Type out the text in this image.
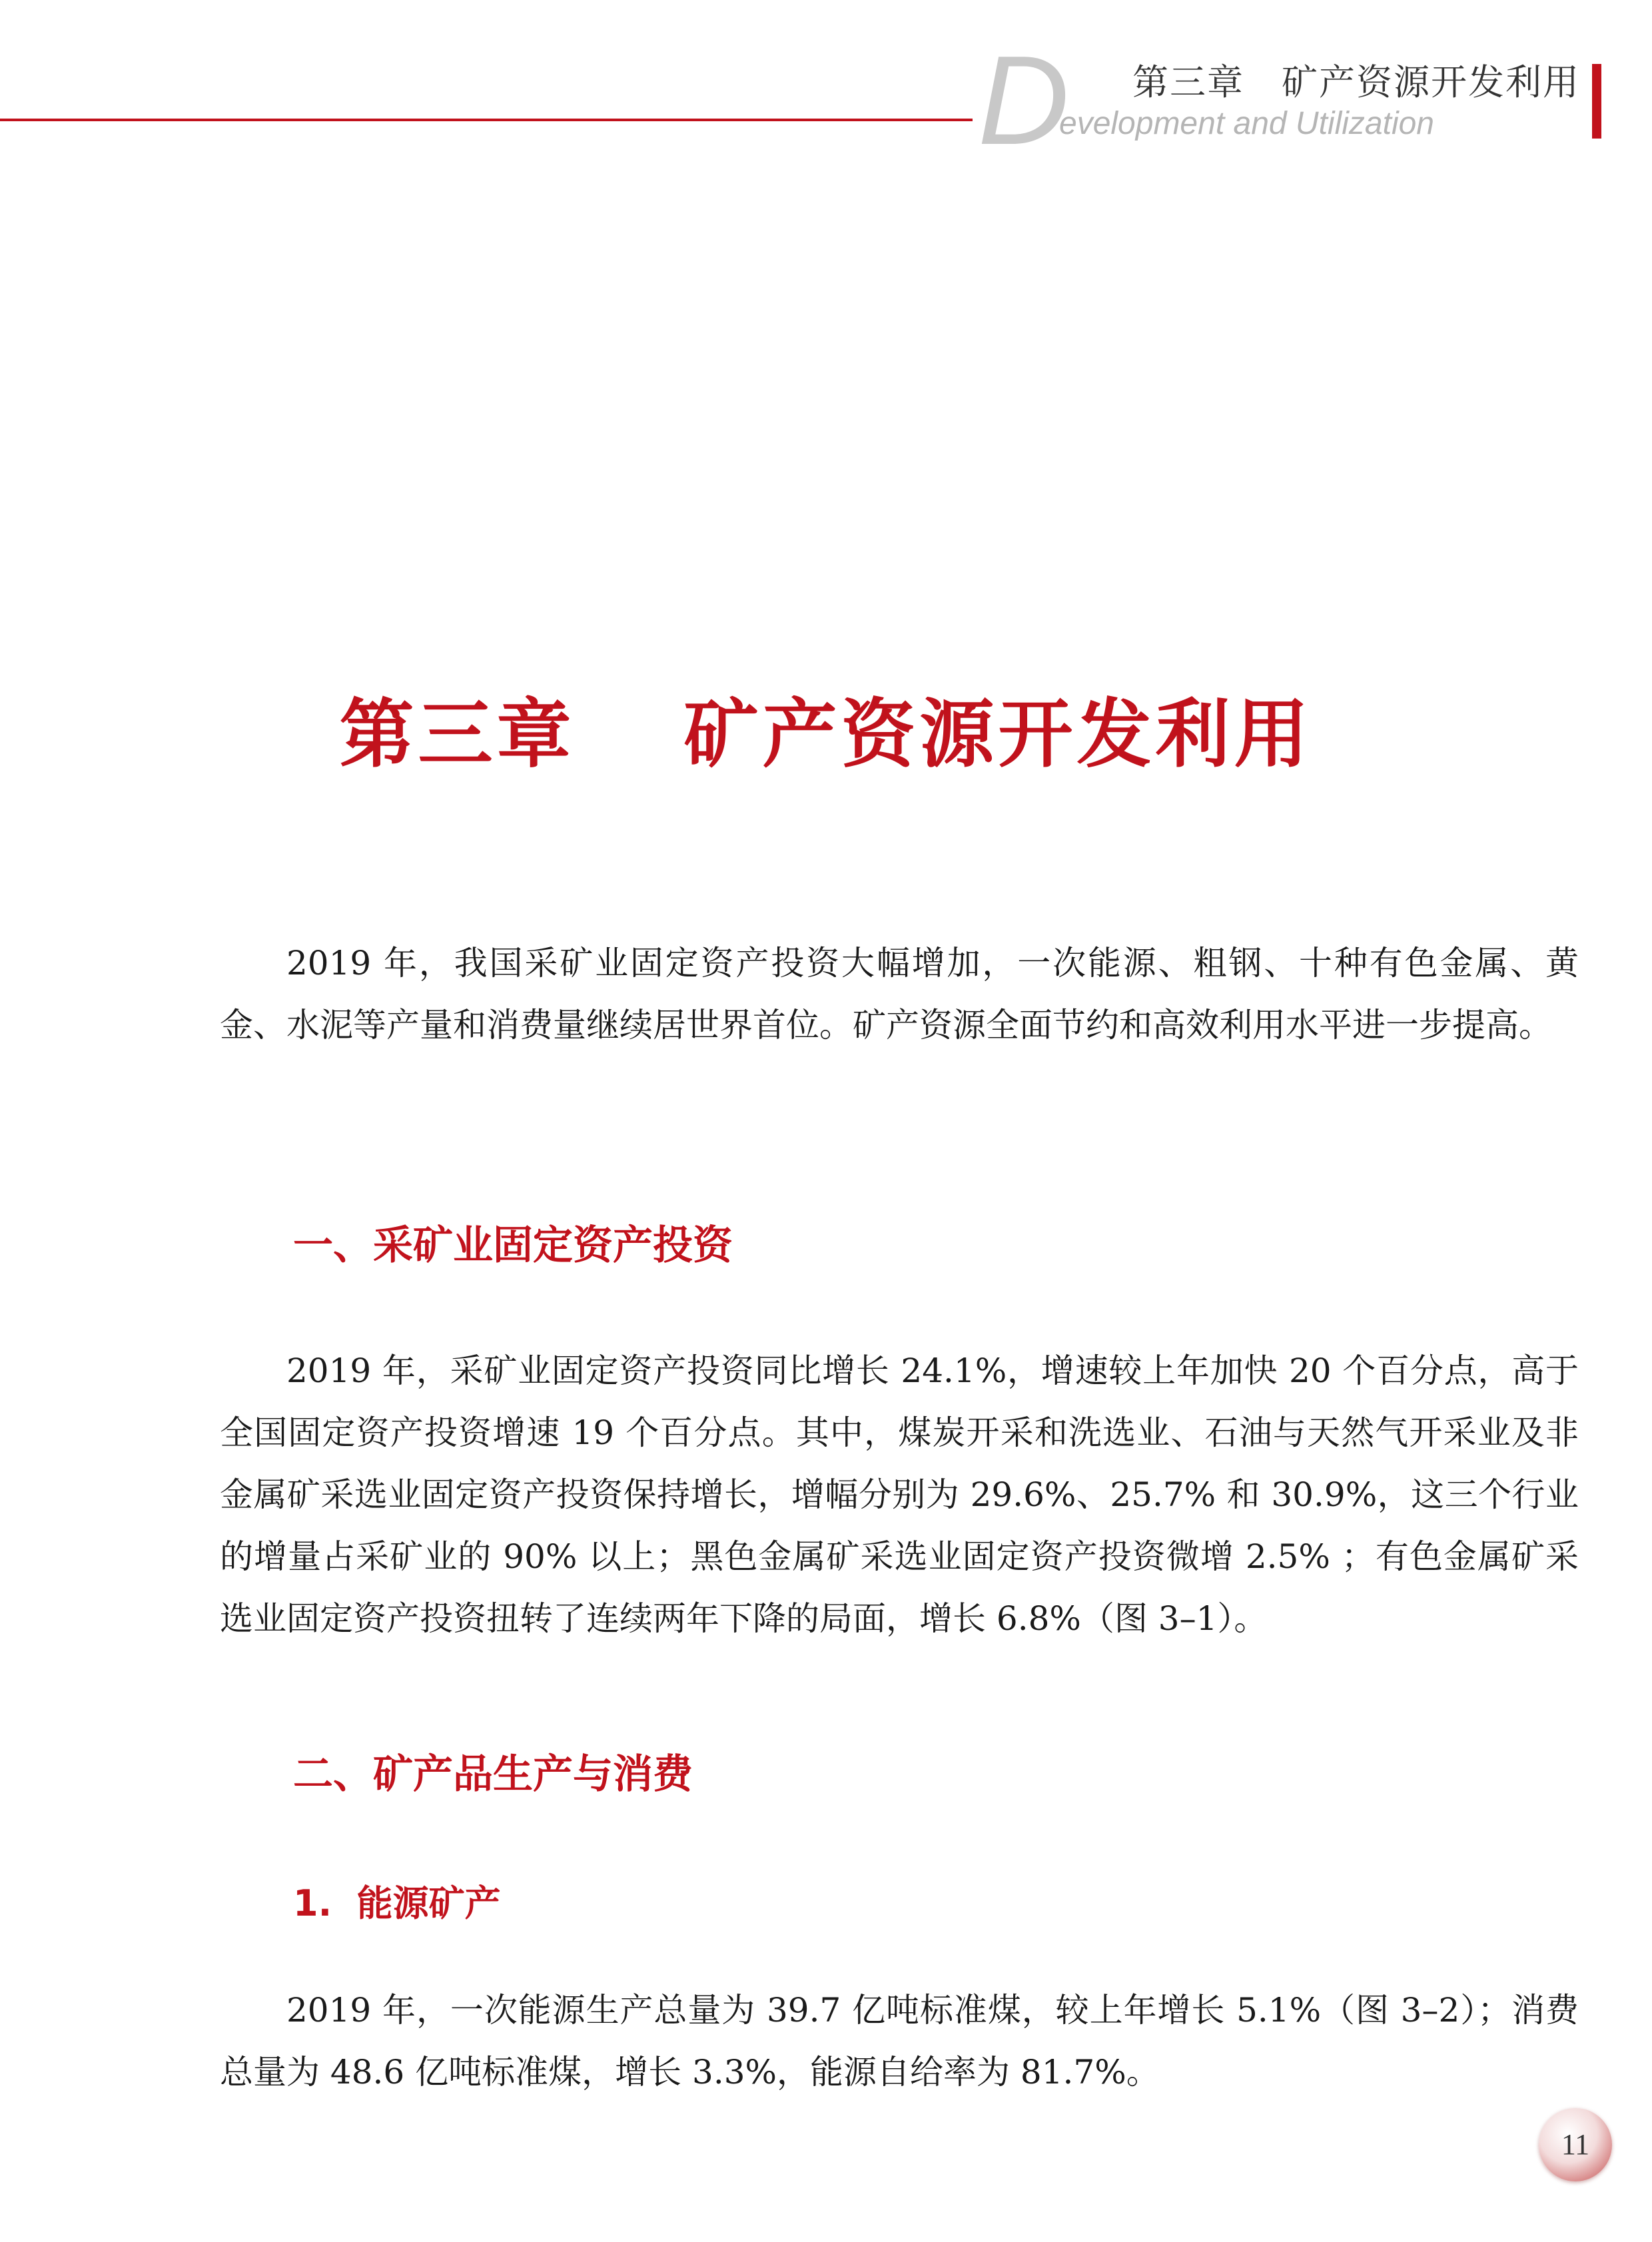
D 第三章　矿产资源开发利用
evelopment and Utilization
第三章　 矿产资源开发利用

2019 年，我国采矿业固定资产投资大幅增加，一次能源、粗钢、十种有色金属、黄金、水泥等产量和消费量继续居世界首位。矿产资源全面节约和高效利用水平进一步提高。

一、采矿业固定资产投资

2019 年，采矿业固定资产投资同比增长 24.1%，增速较上年加快 20 个百分点，高于全国固定资产投资增速 19 个百分点。其中，煤炭开采和洗选业、石油与天然气开采业及非金属矿采选业固定资产投资保持增长，增幅分别为 29.6%、25.7% 和 30.9%，这三个行业的增量占采矿业的 90% 以上；黑色金属矿采选业固定资产投资微增 2.5% ；有色金属矿采选业固定资产投资扭转了连续两年下降的局面，增长 6.8%（图 3–1）。

二、矿产品生产与消费
1.  能源矿产

2019 年，一次能源生产总量为 39.7 亿吨标准煤，较上年增长 5.1%（图 3–2）；消费总量为 48.6 亿吨标准煤，增长 3.3%，能源自给率为 81.7%。

11
